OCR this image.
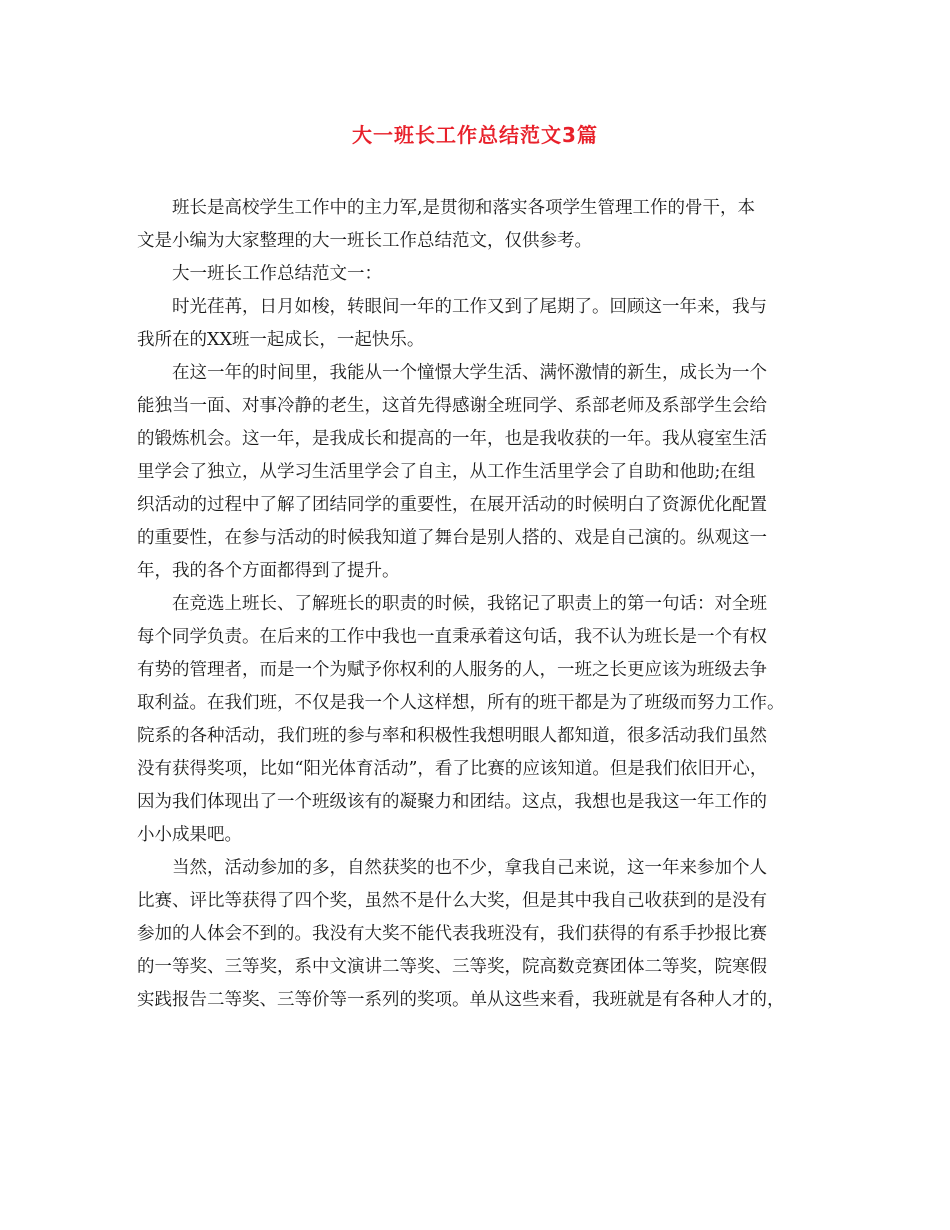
大一班长工作总结范文3篇

班长是高校学生工作中的主力军,是贯彻和落实各项学生管理工作的骨干，本
文是小编为大家整理的大一班长工作总结范文，仅供参考。

大一班长工作总结范文一：

时光荏苒，日月如梭，转眼间一年的工作又到了尾期了。回顾这一年来，我与
我所在的XX班一起成长，一起快乐。

在这一年的时间里，我能从一个憧憬大学生活、满怀激情的新生，成长为一个
能独当一面、对事冷静的老生，这首先得感谢全班同学、系部老师及系部学生会给
的锻炼机会。这一年，是我成长和提高的一年，也是我收获的一年。我从寝室生活
里学会了独立，从学习生活里学会了自主，从工作生活里学会了自助和他助;在组
织活动的过程中了解了团结同学的重要性，在展开活动的时候明白了资源优化配置
的重要性，在参与活动的时候我知道了舞台是别人搭的、戏是自己演的。纵观这一
年，我的各个方面都得到了提升。

在竞选上班长、了解班长的职责的时候，我铭记了职责上的第一句话：对全班
每个同学负责。在后来的工作中我也一直秉承着这句话，我不认为班长是一个有权
有势的管理者，而是一个为赋予你权利的人服务的人，一班之长更应该为班级去争
取利益。在我们班，不仅是我一个人这样想，所有的班干都是为了班级而努力工作。
院系的各种活动，我们班的参与率和积极性我想明眼人都知道，很多活动我们虽然
没有获得奖项，比如“阳光体育活动”，看了比赛的应该知道。但是我们依旧开心，
因为我们体现出了一个班级该有的凝聚力和团结。这点，我想也是我这一年工作的
小小成果吧。

当然，活动参加的多，自然获奖的也不少，拿我自己来说，这一年来参加个人
比赛、评比等获得了四个奖，虽然不是什么大奖，但是其中我自己收获到的是没有
参加的人体会不到的。我没有大奖不能代表我班没有，我们获得的有系手抄报比赛
的一等奖、三等奖，系中文演讲二等奖、三等奖，院高数竞赛团体二等奖，院寒假
实践报告二等奖、三等价等一系列的奖项。单从这些来看，我班就是有各种人才的，
